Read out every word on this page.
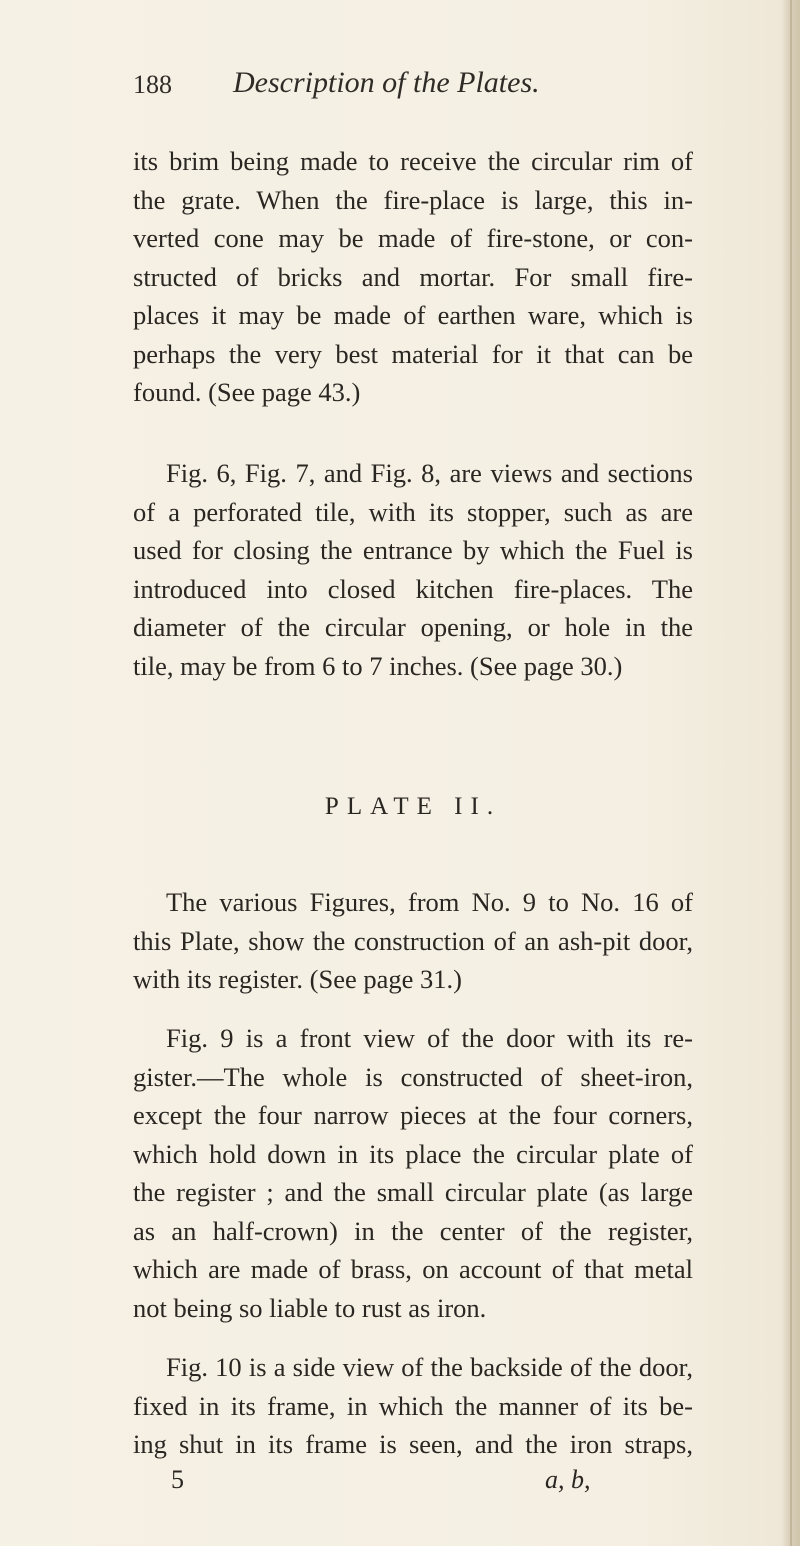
188 Description of the Plates.
its brim being made to receive the circular rim of
the grate. When the fire-place is large, this in-
verted cone may be made of fire-stone, or con-
structed of bricks and mortar. For small fire-
places it may be made of earthen ware, which is
perhaps the very best material for it that can be
found. (See page 43.)
Fig. 6, Fig. 7, and Fig. 8, are views and sections
of a perforated tile, with its stopper, such as are
used for closing the entrance by which the Fuel is
introduced into closed kitchen fire-places. The
diameter of the circular opening, or hole in the
tile, may be from 6 to 7 inches. (See page 30.)
PLATE II.
The various Figures, from No. 9 to No. 16 of
this Plate, show the construction of an ash-pit door,
with its register. (See page 31.)
Fig. 9 is a front view of the door with its re-
gister.—The whole is constructed of sheet-iron,
except the four narrow pieces at the four corners,
which hold down in its place the circular plate of
the register ; and the small circular plate (as large
as an half-crown) in the center of the register,
which are made of brass, on account of that metal
not being so liable to rust as iron.
Fig. 10 is a side view of the backside of the door,
fixed in its frame, in which the manner of its be-
ing shut in its frame is seen, and the iron straps,
5	a, b,
